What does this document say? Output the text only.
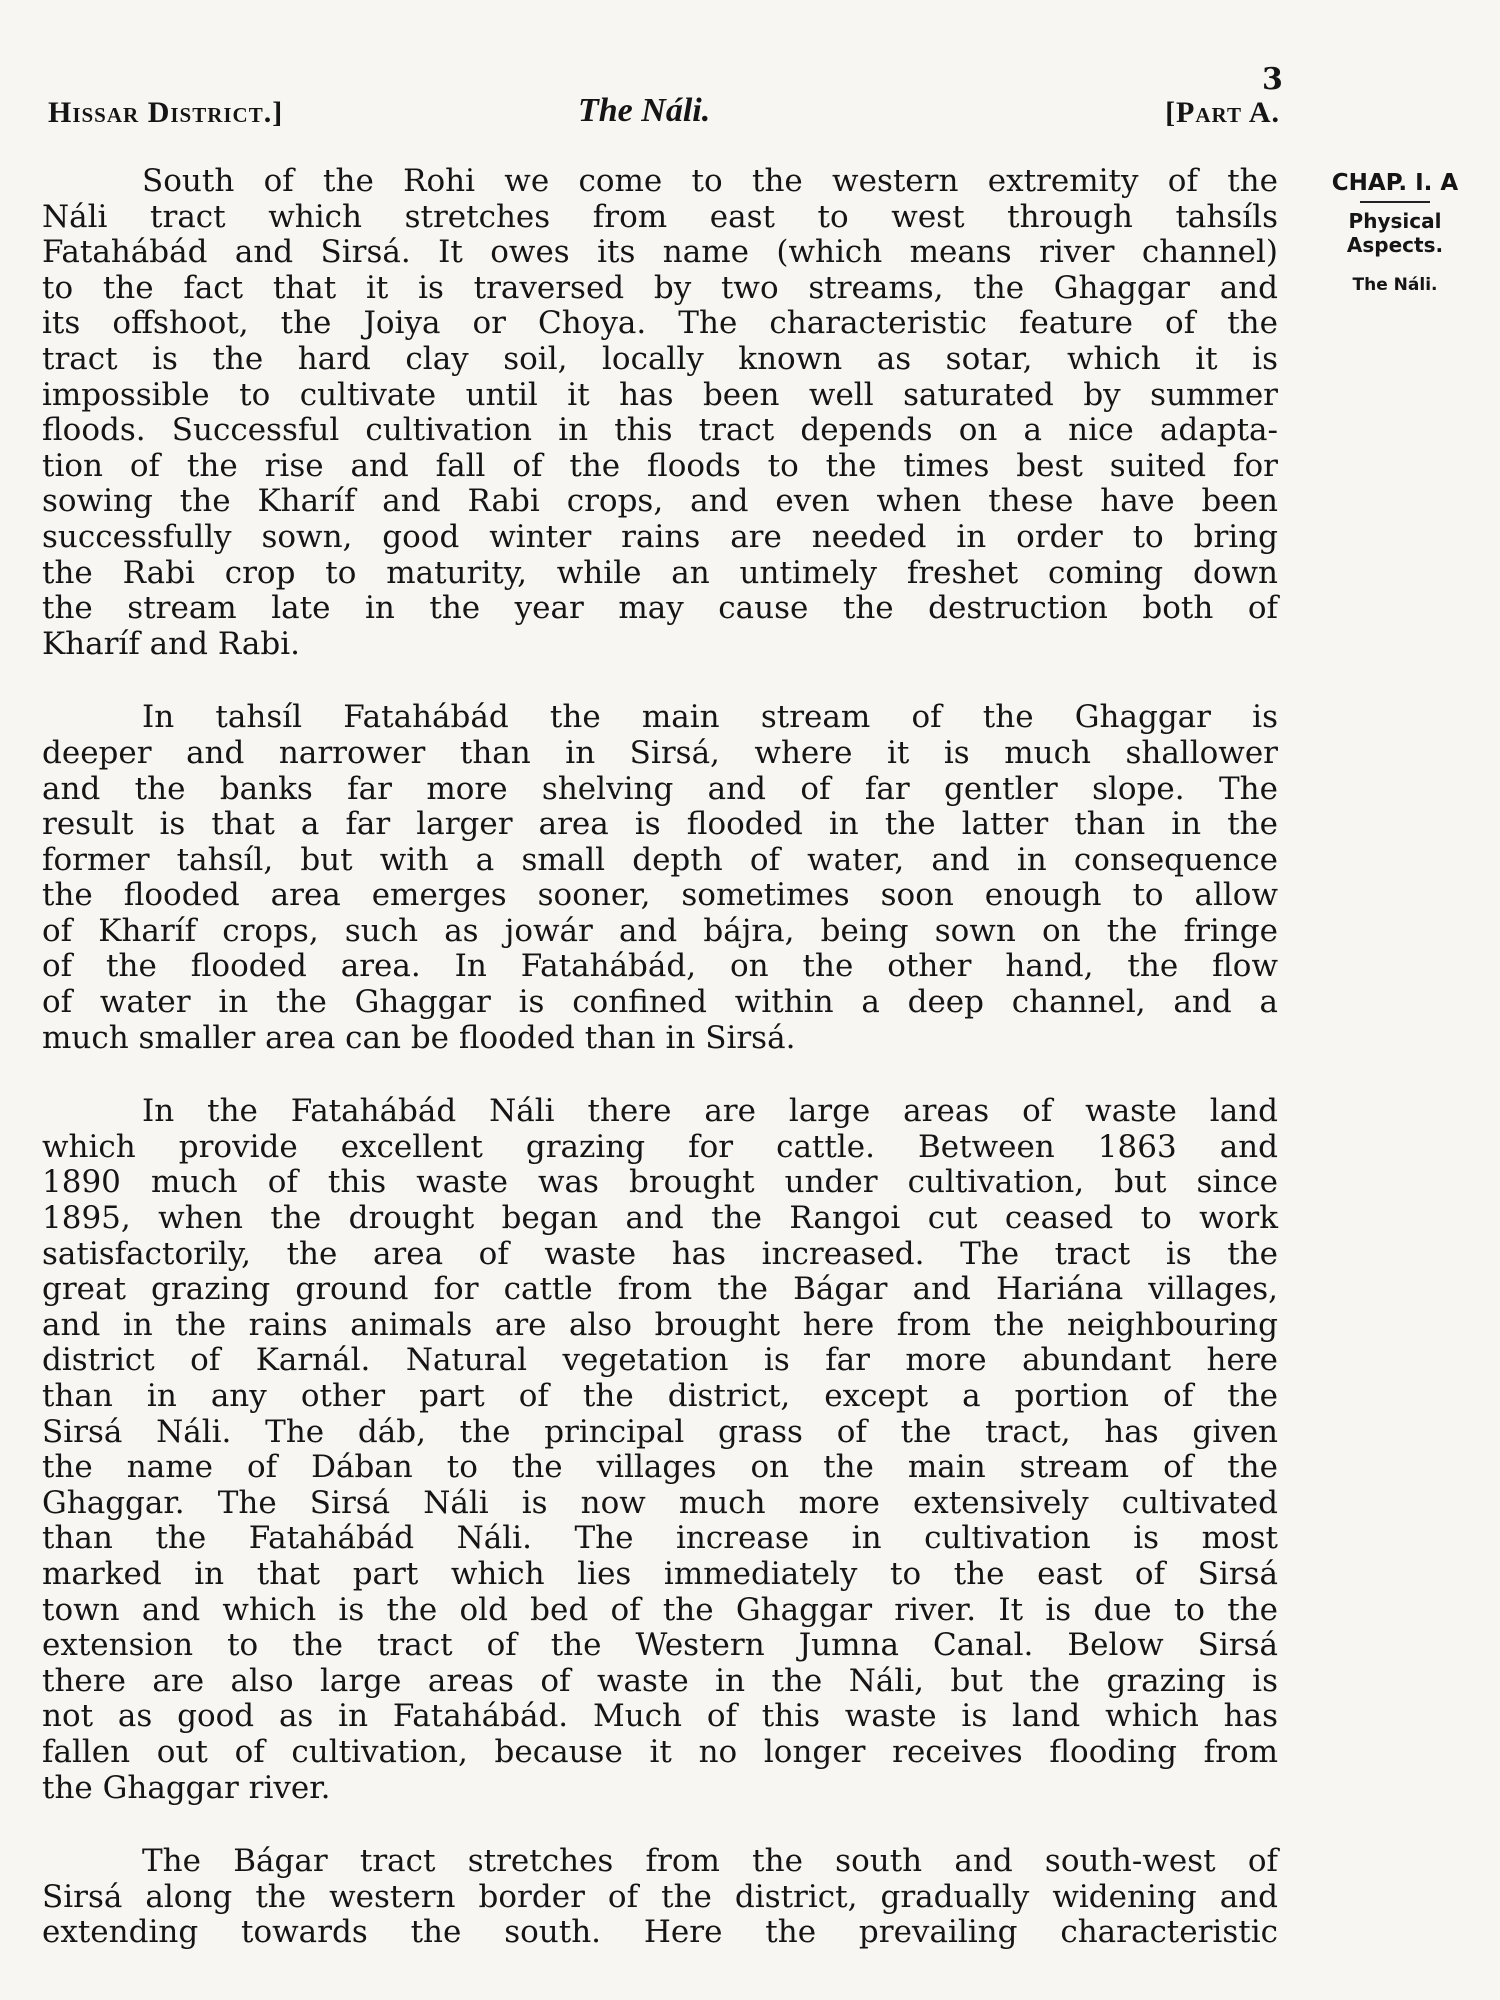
3
Hissar District.]	The Náli.	[Part A.
CHAP. I. A
Physical
Aspects.
The Náli.
South of the Rohi we come to the western extremity of the
Náli tract which stretches from east to west through tahsíls
Fatahábád and Sirsá. It owes its name (which means river channel)
to the fact that it is traversed by two streams, the Ghaggar and
its offshoot, the Joiya or Choya. The characteristic feature of the
tract is the hard clay soil, locally known as sotar, which it is
impossible to cultivate until it has been well saturated by summer
floods. Successful cultivation in this tract depends on a nice adapta-
tion of the rise and fall of the floods to the times best suited for
sowing the Kharíf and Rabi crops, and even when these have been
successfully sown, good winter rains are needed in order to bring
the Rabi crop to maturity, while an untimely freshet coming down
the stream late in the year may cause the destruction both of
Kharíf and Rabi.
In tahsíl Fatahábád the main stream of the Ghaggar is
deeper and narrower than in Sirsá, where it is much shallower
and the banks far more shelving and of far gentler slope. The
result is that a far larger area is flooded in the latter than in the
former tahsíl, but with a small depth of water, and in consequence
the flooded area emerges sooner, sometimes soon enough to allow
of Kharíf crops, such as jowár and bájra, being sown on the fringe
of the flooded area. In Fatahábád, on the other hand, the flow
of water in the Ghaggar is confined within a deep channel, and a
much smaller area can be flooded than in Sirsá.
In the Fatahábád Náli there are large areas of waste land
which provide excellent grazing for cattle. Between 1863 and
1890 much of this waste was brought under cultivation, but since
1895, when the drought began and the Rangoi cut ceased to work
satisfactorily, the area of waste has increased. The tract is the
great grazing ground for cattle from the Bágar and Hariána villages,
and in the rains animals are also brought here from the neighbouring
district of Karnál. Natural vegetation is far more abundant here
than in any other part of the district, except a portion of the
Sirsá Náli. The dáb, the principal grass of the tract, has given
the name of Dában to the villages on the main stream of the
Ghaggar. The Sirsá Náli is now much more extensively cultivated
than the Fatahábád Náli. The increase in cultivation is most
marked in that part which lies immediately to the east of Sirsá
town and which is the old bed of the Ghaggar river. It is due to the
extension to the tract of the Western Jumna Canal. Below Sirsá
there are also large areas of waste in the Náli, but the grazing is
not as good as in Fatahábád. Much of this waste is land which has
fallen out of cultivation, because it no longer receives flooding from
the Ghaggar river.
The Bágar tract stretches from the south and south-west of
Sirsá along the western border of the district, gradually widening and
extending towards the south. Here the prevailing characteristic
